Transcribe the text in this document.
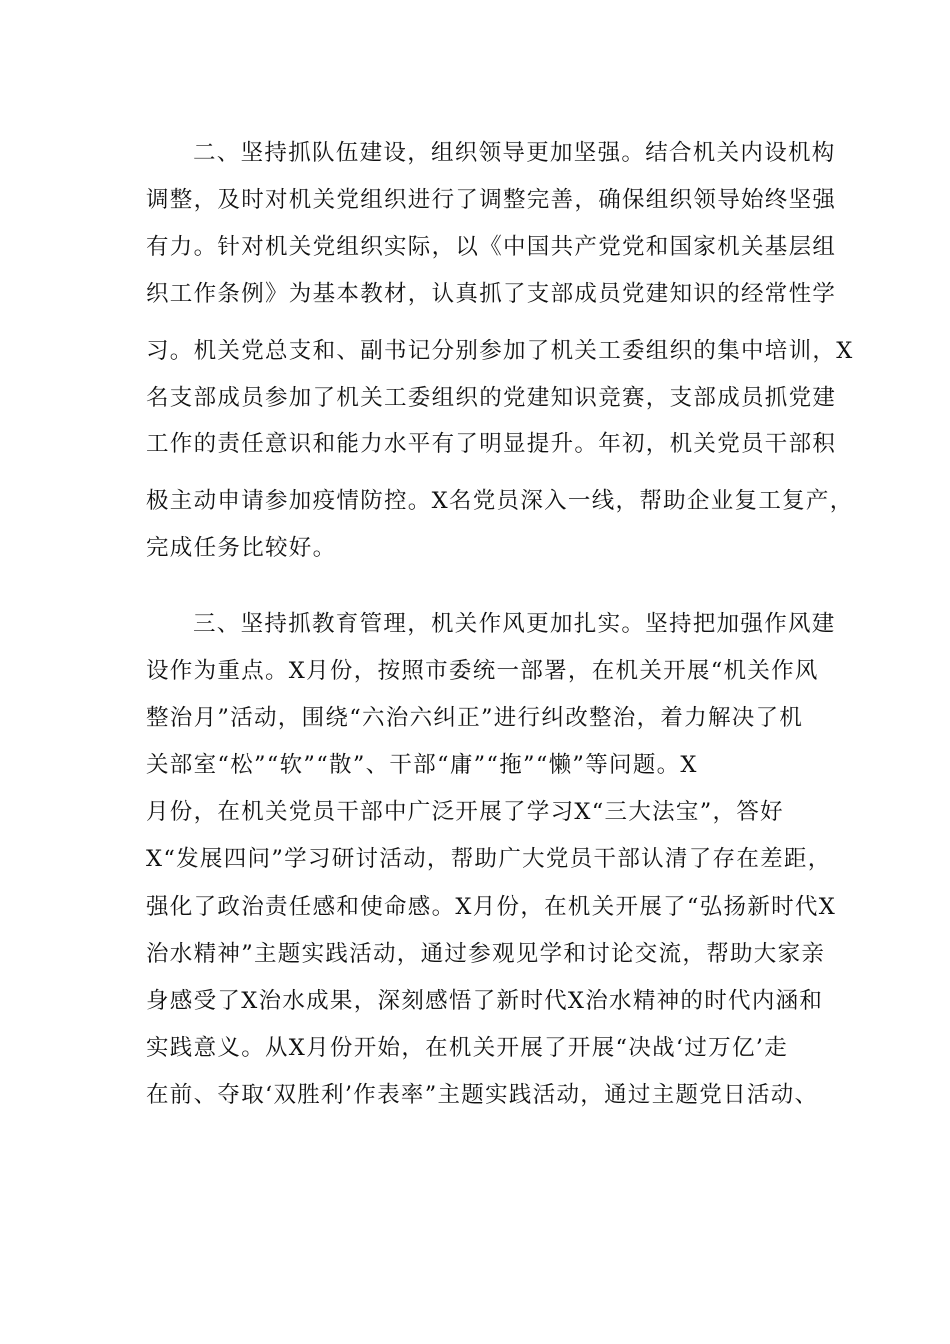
二、坚持抓队伍建设，组织领导更加坚强。结合机关内设机构
调整，及时对机关党组织进行了调整完善，确保组织领导始终坚强
有力。针对机关党组织实际，以《中国共产党党和国家机关基层组
织工作条例》为基本教材，认真抓了支部成员党建知识的经常性学
习。机关党总支和、副书记分别参加了机关工委组织的集中培训，X
名支部成员参加了机关工委组织的党建知识竞赛，支部成员抓党建
工作的责任意识和能力水平有了明显提升。年初，机关党员干部积
极主动申请参加疫情防控。X名党员深入一线，帮助企业复工复产，
完成任务比较好。
三、坚持抓教育管理，机关作风更加扎实。坚持把加强作风建
设作为重点。X月份，按照市委统一部署，在机关开展“机关作风
整治月”活动，围绕“六治六纠正”进行纠改整治，着力解决了机
关部室“松”“软”“散”、干部“庸”“拖”“懒”等问题。X
月份，在机关党员干部中广泛开展了学习X“三大法宝”，答好
X“发展四问”学习研讨活动，帮助广大党员干部认清了存在差距，
强化了政治责任感和使命感。X月份，在机关开展了“弘扬新时代X
治水精神”主题实践活动，通过参观见学和讨论交流，帮助大家亲
身感受了X治水成果，深刻感悟了新时代X治水精神的时代内涵和
实践意义。从X月份开始，在机关开展了开展“决战‘过万亿’走
在前、夺取‘双胜利’作表率”主题实践活动，通过主题党日活动、
